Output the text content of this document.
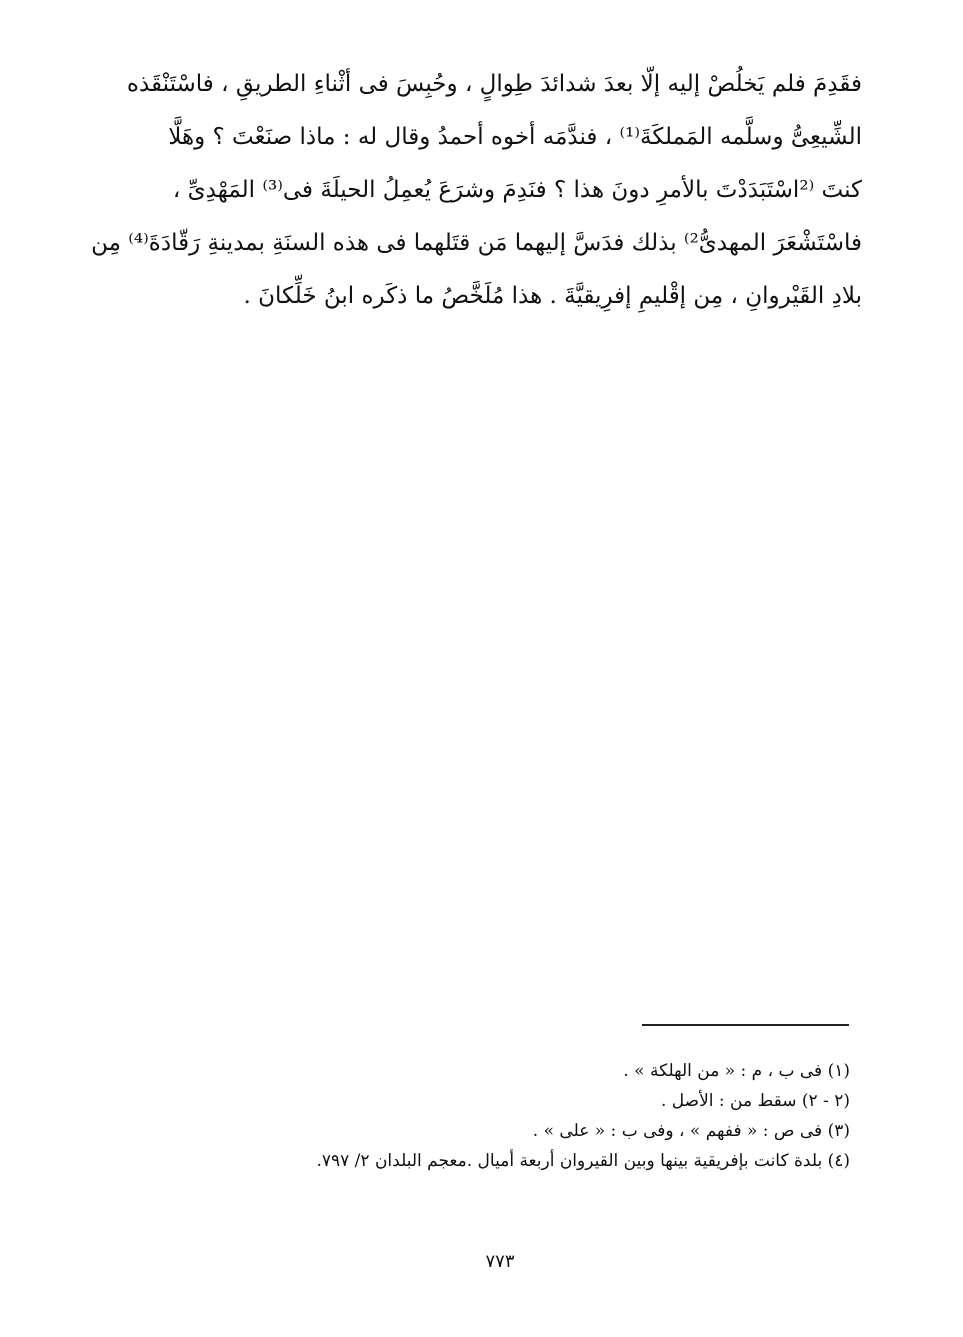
فقَدِمَ فلم يَخلُصْ إليه إلّا بعدَ شدائدَ طِوالٍ ، وحُبِسَ فى أثْناءِ الطريقِ ، فاسْتَنْقَذه
الشِّيعِىُّ وسلَّمه المَملكَةَ⁽¹⁾ ، فندَّمَه أخوه أحمدُ وقال له : ماذا صنَعْتَ ؟ وهَلَّا
كنتَ ⁽²اسْتَبَدَدْتَ بالأمرِ دونَ هذا ؟ فنَدِمَ وشرَعَ يُعمِلُ الحيلَةَ فى⁽³⁾ المَهْدِىِّ ،
فاسْتَشْعَرَ المهدىُّ²⁾ بذلك فدَسَّ إليهما مَن قتَلهما فى هذه السنَةِ بمدينةِ رَقّادَةَ⁽⁴⁾ مِن
بلادِ القَيْروانِ ، مِن إقْليمِ إفرِيقيَّةَ . هذا مُلَخَّصُ ما ذكَره ابنُ خَلِّكانَ .
(١) فى ب ، م : « من الهلكة » .
(٢ - ٢) سقط من : الأصل .
(٣) فى ص : « ففهم » ، وفى ب : « على » .
(٤) بلدة كانت بإفريقية بينها وبين القيروان أربعة أميال .معجم البلدان ٢/ ٧٩٧.
٧٧٣
